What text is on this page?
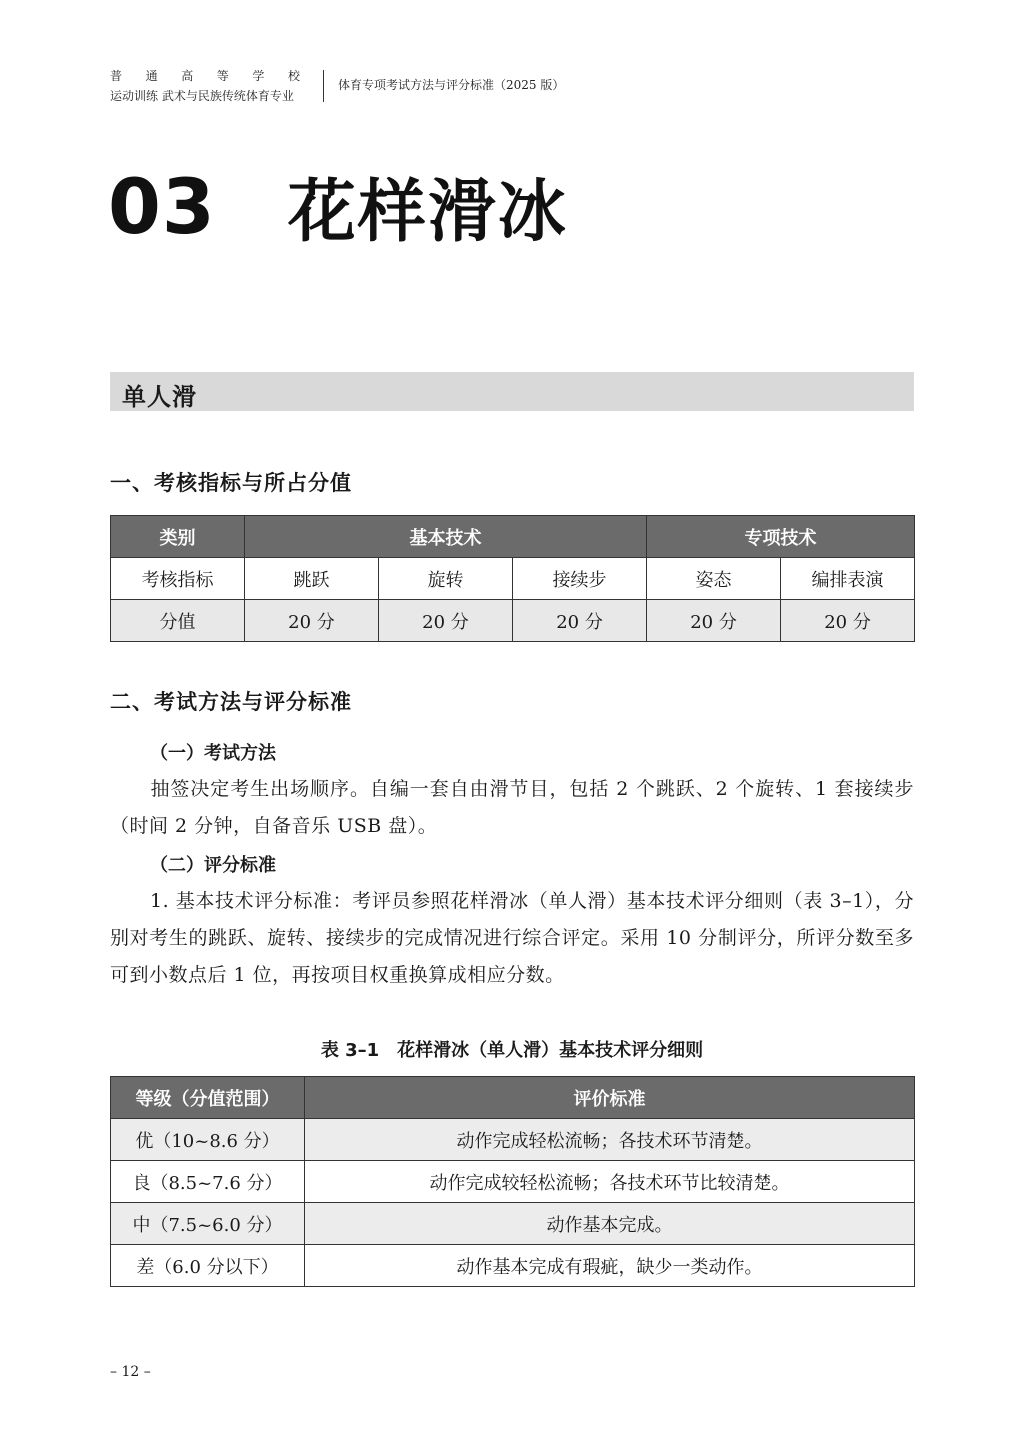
普 通 高 等 学 校
运动训练 武术与民族传统体育专业
体育专项考试方法与评分标准（2025 版）
03 花样滑冰
单人滑
一、考核指标与所占分值
类别	基本技术			专项技术	
考核指标	跳跃	旋转	接续步	姿态	编排表演
分值	20 分	20 分	20 分	20 分	20 分
二、考试方法与评分标准
（一）考试方法
抽签决定考生出场顺序。自编一套自由滑节目，包括 2 个跳跃、2 个旋转、1 套接续步（时间 2 分钟，自备音乐 USB 盘）。
（二）评分标准
1. 基本技术评分标准：考评员参照花样滑冰（单人滑）基本技术评分细则（表 3–1），分别对考生的跳跃、旋转、接续步的完成情况进行综合评定。采用 10 分制评分，所评分数至多可到小数点后 1 位，再按项目权重换算成相应分数。
表 3–1　花样滑冰（单人滑）基本技术评分细则
等级（分值范围）	评价标准
优（10~8.6 分）	动作完成轻松流畅；各技术环节清楚。
良（8.5~7.6 分）	动作完成较轻松流畅；各技术环节比较清楚。
中（7.5~6.0 分）	动作基本完成。
差（6.0 分以下）	动作基本完成有瑕疵，缺少一类动作。
– 12 –
